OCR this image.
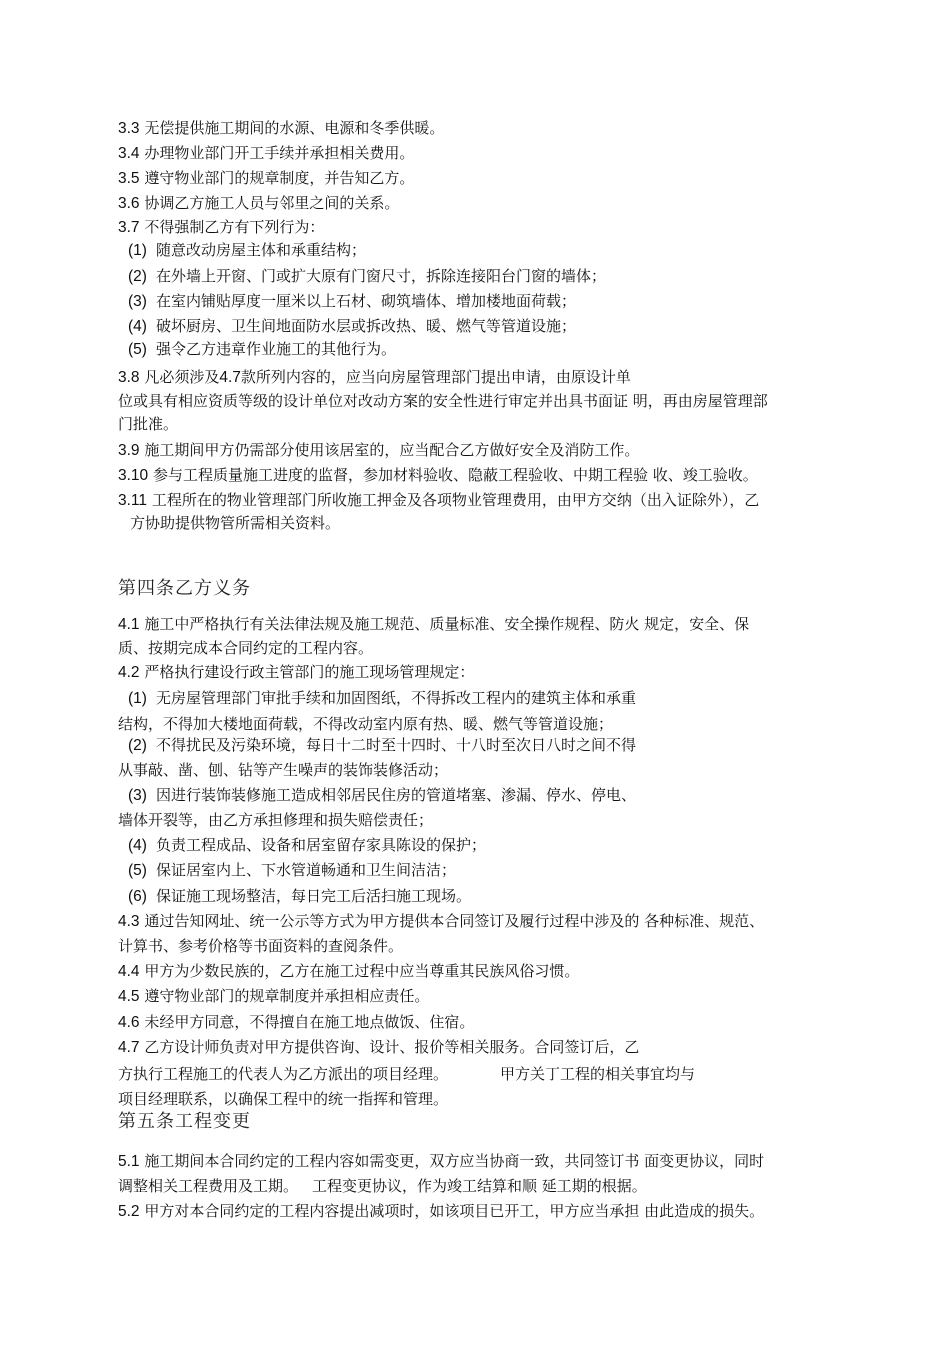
3.3 无偿提供施工期间的水源、电源和冬季供暖。
3.4 办理物业部门开工手续并承担相关费用。
3.5 遵守物业部门的规章制度，并告知乙方。
3.6 协调乙方施工人员与邻里之间的关系。
3.7 不得强制乙方有下列行为：
(1) 随意改动房屋主体和承重结构；
(2) 在外墙上开窗、门或扩大原有门窗尺寸，拆除连接阳台门窗的墙体；
(3) 在室内铺贴厚度一厘米以上石材、砌筑墙体、增加楼地面荷载；
(4) 破坏厨房、卫生间地面防水层或拆改热、暖、燃气等管道设施；
(5) 强令乙方违章作业施工的其他行为。
3.8 凡必须涉及4.7款所列内容的，应当向房屋管理部门提出申请，由原设计单
位或具有相应资质等级的设计单位对改动方案的安全性进行审定并出具书面证 明，再由房屋管理部
门批准。
3.9 施工期间甲方仍需部分使用该居室的，应当配合乙方做好安全及消防工作。
3.10 参与工程质量施工进度的监督，参加材料验收、隐蔽工程验收、中期工程验 收、竣工验收。
3.11 工程所在的物业管理部门所收施工押金及各项物业管理费用，由甲方交纳（出入证除外），乙
方协助提供物管所需相关资料。
第四条乙方义务
4.1 施工中严格执行有关法律法规及施工规范、质量标准、安全操作规程、防火 规定，安全、保
质、按期完成本合同约定的工程内容。
4.2 严格执行建设行政主管部门的施工现场管理规定：
(1) 无房屋管理部门审批手续和加固图纸，不得拆改工程内的建筑主体和承重
结构，不得加大楼地面荷载，不得改动室内原有热、暖、燃气等管道设施；
(2) 不得扰民及污染环境，每日十二时至十四时、十八时至次日八时之间不得
从事敲、凿、刨、钻等产生噪声的装饰装修活动；
(3) 因进行装饰装修施工造成相邻居民住房的管道堵塞、渗漏、停水、停电、
墙体开裂等，由乙方承担修理和损失赔偿责任；
(4) 负责工程成品、设备和居室留存家具陈设的保护；
(5) 保证居室内上、下水管道畅通和卫生间洁洁；
(6) 保证施工现场整洁，每日完工后活扫施工现场。
4.3 通过告知网址、统一公示等方式为甲方提供本合同签订及履行过程中涉及的 各种标准、规范、
计算书、参考价格等书面资料的查阅条件。
4.4 甲方为少数民族的，乙方在施工过程中应当尊重其民族风俗习惯。
4.5 遵守物业部门的规章制度并承担相应责任。
4.6 未经甲方同意，不得擅自在施工地点做饭、住宿。
4.7 乙方设计师负责对甲方提供咨询、设计、报价等相关服务。合同签订后，乙
方执行工程施工的代表人为乙方派出的项目经理。	甲方关丁工程的相关事宜均与
项目经理联系，以确保工程中的统一指挥和管理。
第五条工程变更
5.1 施工期间本合同约定的工程内容如需变更，双方应当协商一致，共同签订书 面变更协议，同时
调整相关工程费用及工期。 工程变更协议，作为竣工结算和顺 延工期的根据。
5.2 甲方对本合同约定的工程内容提出减项时，如该项目已开工，甲方应当承担 由此造成的损失。
